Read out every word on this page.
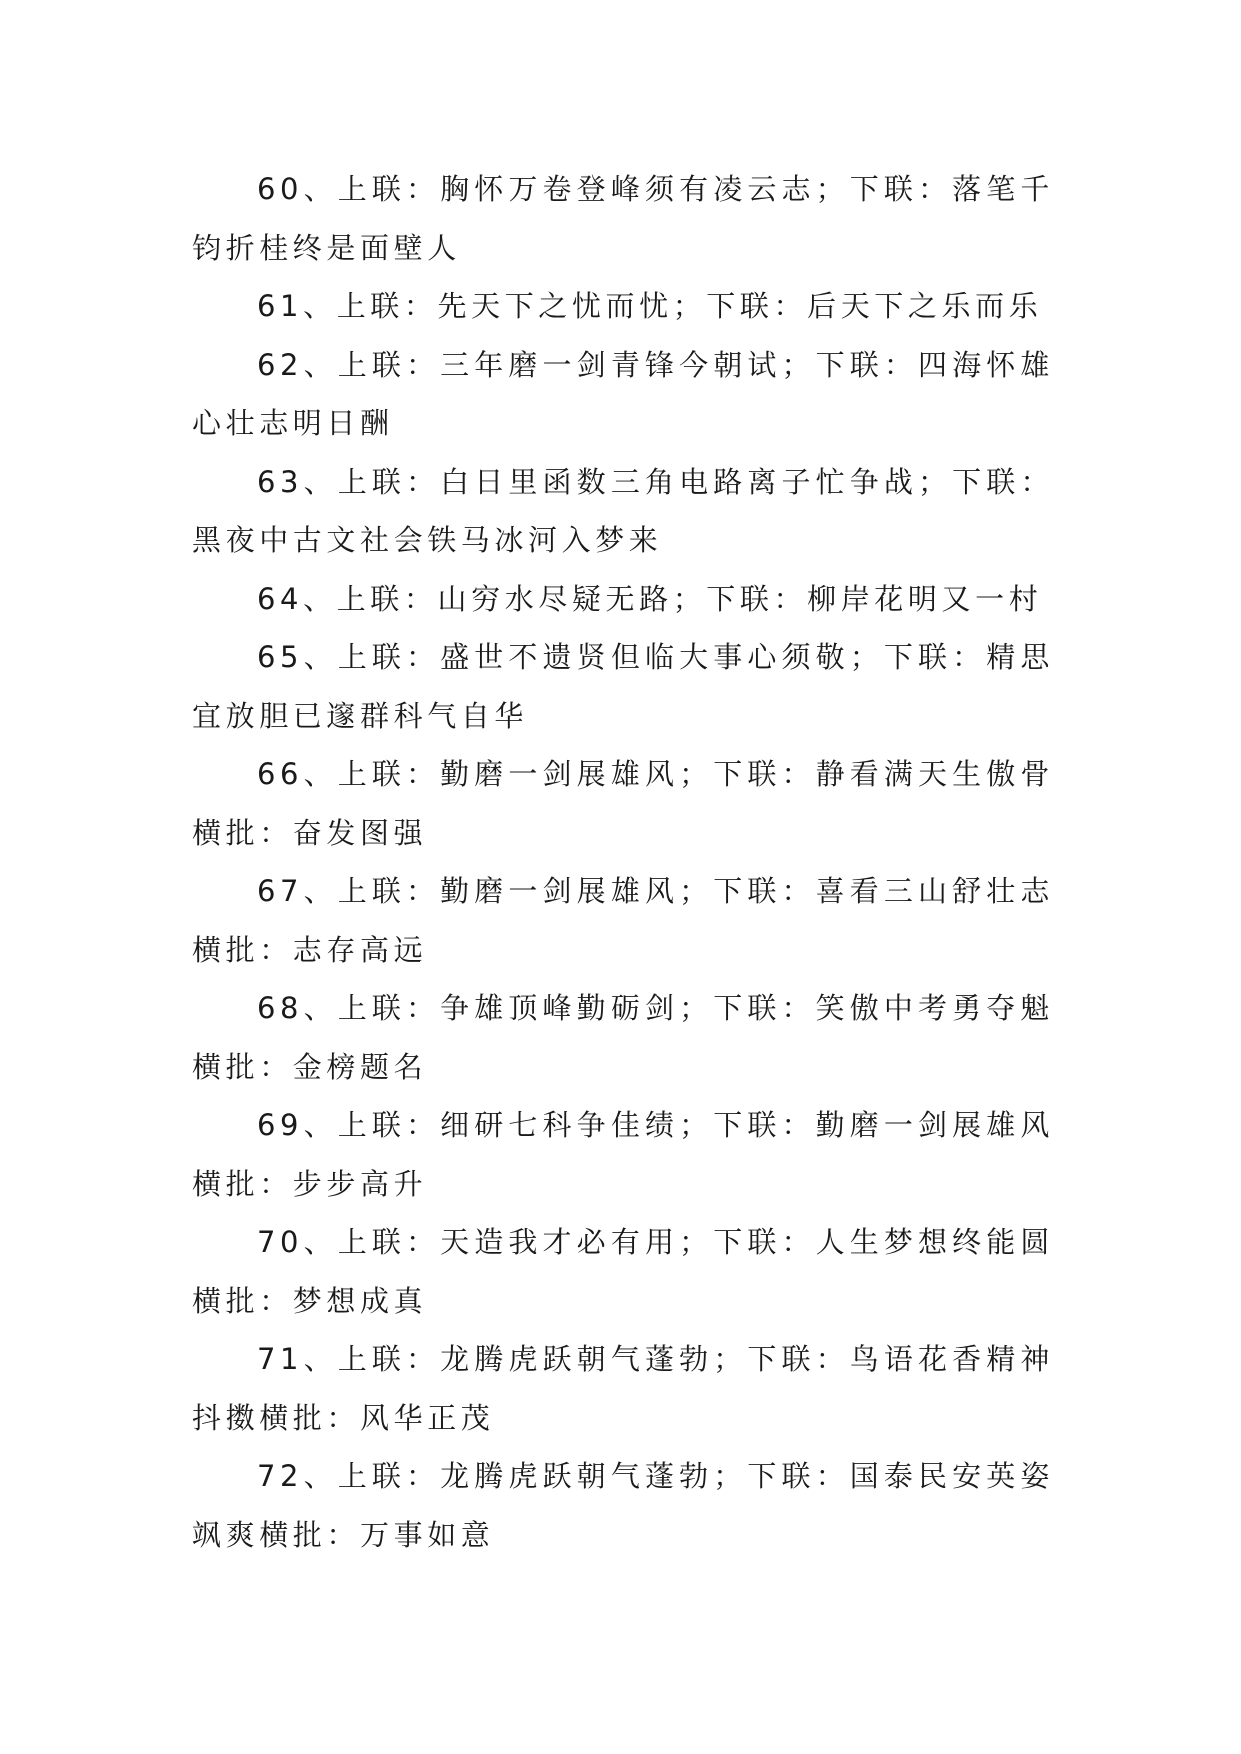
60、上联：胸怀万卷登峰须有凌云志；下联：落笔千钧折桂终是面壁人

61、上联：先天下之忧而忧；下联：后天下之乐而乐

62、上联：三年磨一剑青锋今朝试；下联：四海怀雄心壮志明日酬

63、上联：白日里函数三角电路离子忙争战；下联：黑夜中古文社会铁马冰河入梦来

64、上联：山穷水尽疑无路；下联：柳岸花明又一村

65、上联：盛世不遗贤但临大事心须敬；下联：精思宜放胆已邃群科气自华

66、上联：勤磨一剑展雄风；下联：静看满天生傲骨横批：奋发图强

67、上联：勤磨一剑展雄风；下联：喜看三山舒壮志横批：志存高远

68、上联：争雄顶峰勤砺剑；下联：笑傲中考勇夺魁横批：金榜题名

69、上联：细研七科争佳绩；下联：勤磨一剑展雄风横批：步步高升

70、上联：天造我才必有用；下联：人生梦想终能圆横批：梦想成真

71、上联：龙腾虎跃朝气蓬勃；下联：鸟语花香精神抖擞横批：风华正茂

72、上联：龙腾虎跃朝气蓬勃；下联：国泰民安英姿飒爽横批：万事如意
